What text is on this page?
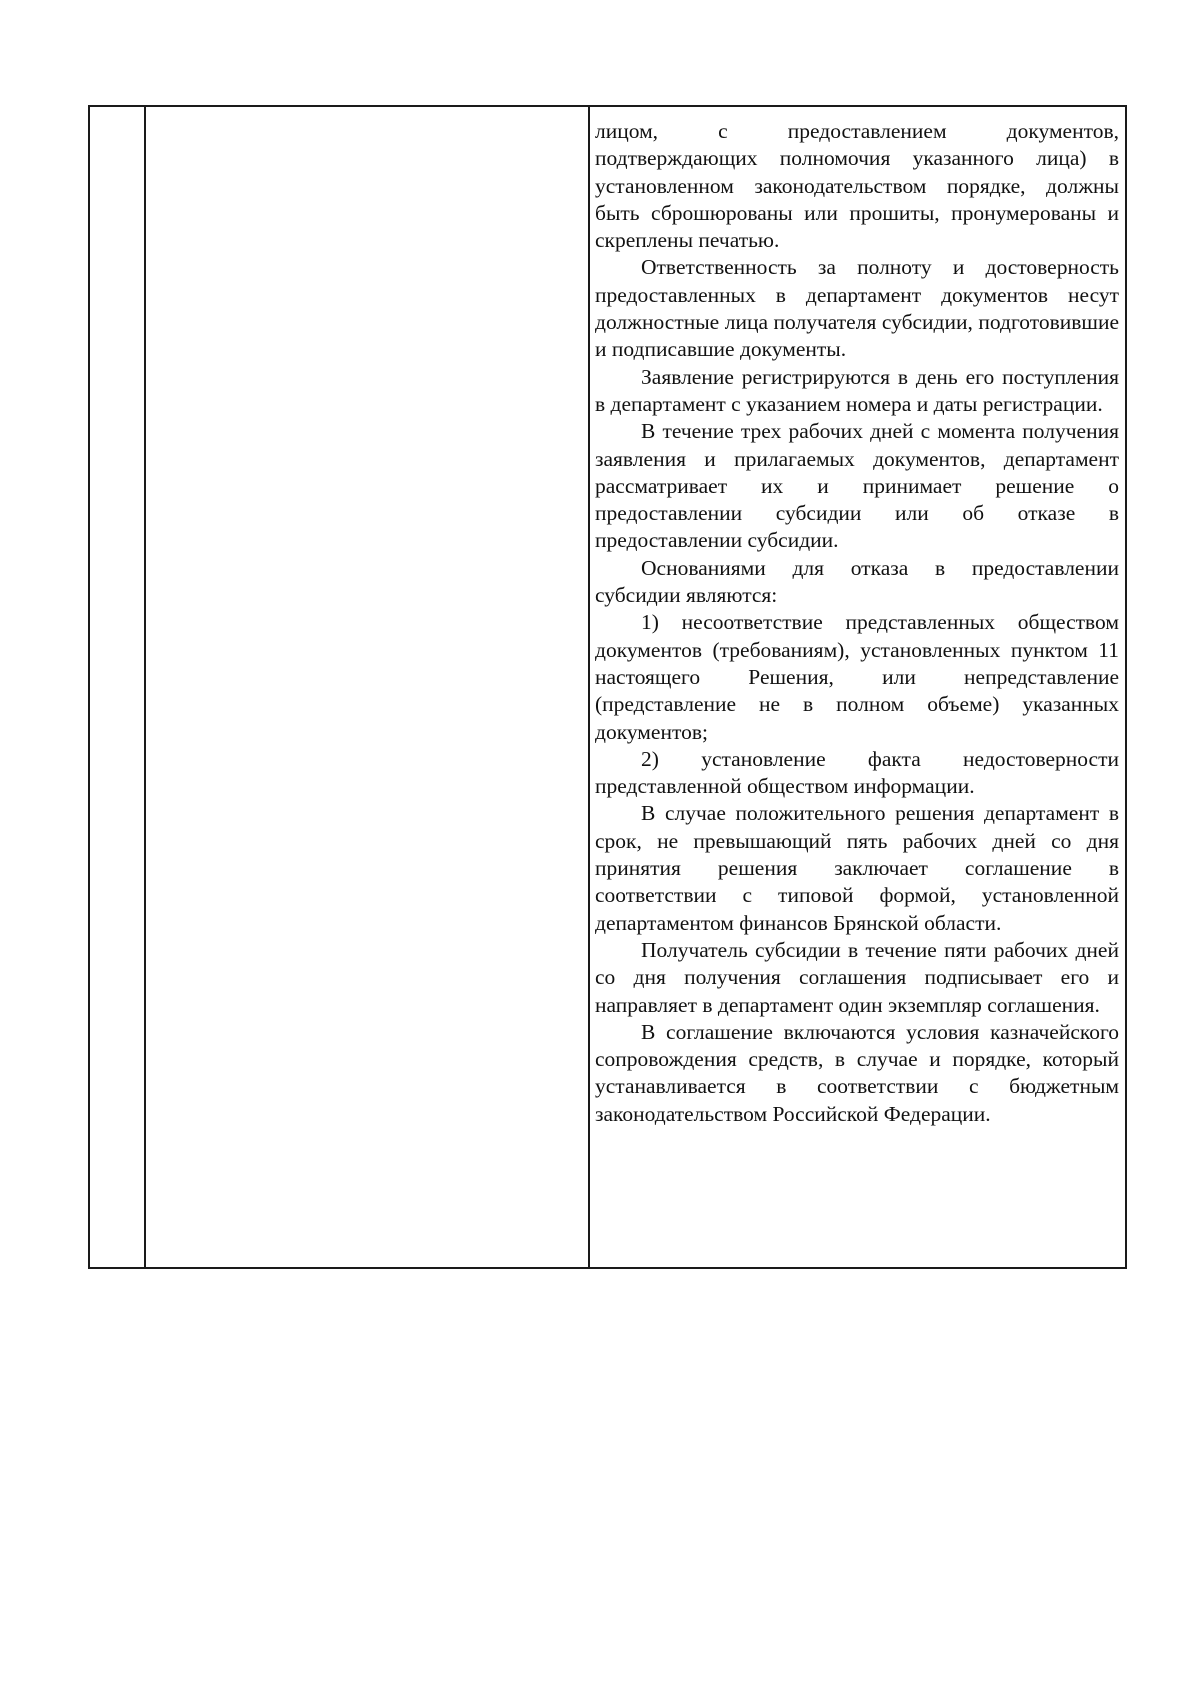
лицом, с предоставлением документов, подтверждающих полномочия указанного лица) в установленном законодательством порядке, должны быть сброшюрованы или прошиты, пронумерованы и скреплены печатью.

Ответственность за полноту и достоверность предоставленных в департамент документов несут должностные лица получателя субсидии, подготовившие и подписавшие документы.

Заявление регистрируются в день его поступления в департамент с указанием номера и даты регистрации.

В течение трех рабочих дней с момента получения заявления и прилагаемых документов, департамент рассматривает их и принимает решение о предоставлении субсидии или об отказе в предоставлении субсидии.

Основаниями для отказа в предоставлении субсидии являются:

1) несоответствие представленных обществом документов (требованиям), установленных пунктом 11 настоящего Решения, или непредставление (представление не в полном объеме) указанных документов;

2) установление факта недостоверности представленной обществом информации.

В случае положительного решения департамент в срок, не превышающий пять рабочих дней со дня принятия решения заключает соглашение в соответствии с типовой формой, установленной департаментом финансов Брянской области.

Получатель субсидии в течение пяти рабочих дней со дня получения соглашения подписывает его и направляет в департамент один экземпляр соглашения.

В соглашение включаются условия казначейского сопровождения средств, в случае и порядке, который устанавливается в соответствии с бюджетным законодательством Российской Федерации.
